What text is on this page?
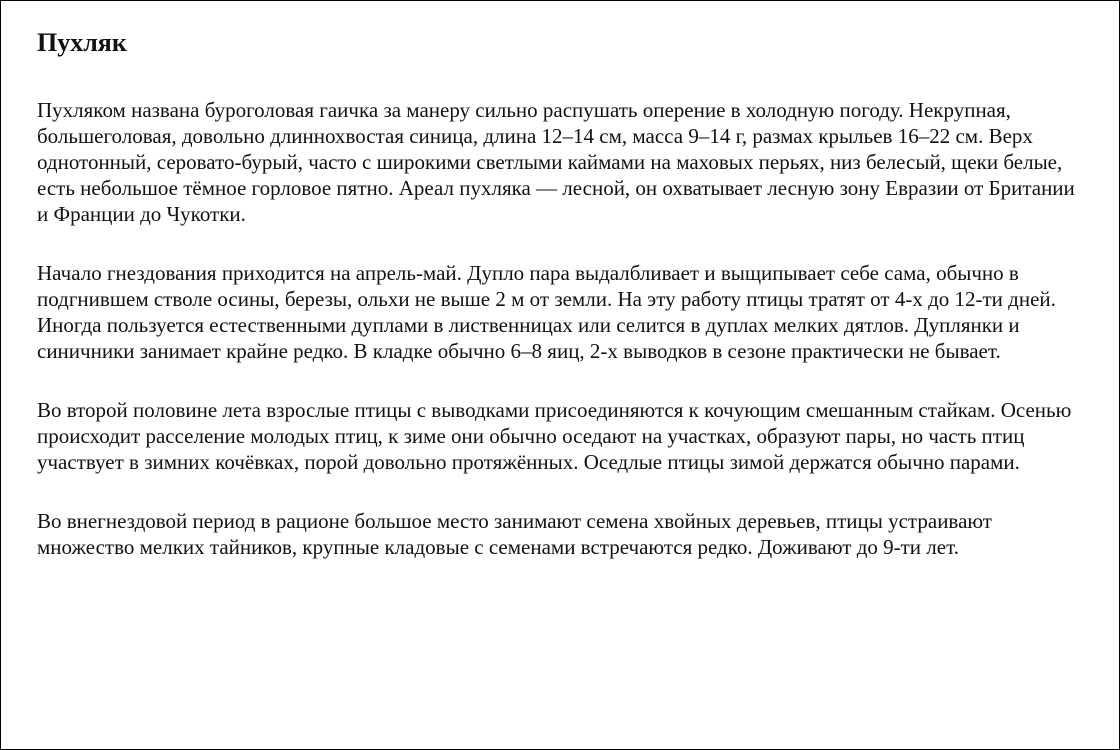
Пухляк

Пухляком названа буроголовая гаичка за манеру сильно распушать оперение в холодную погоду. Некрупная, большеголовая, довольно длиннохвостая синица, длина 12–14 см, масса 9–14 г, размах крыльев 16–22 см. Верх однотонный, серовато-бурый, часто с широкими светлыми каймами на маховых перьях, низ белесый, щеки белые, есть небольшое тёмное горловое пятно. Ареал пухляка — лесной, он охватывает лесную зону Евразии от Британии и Франции до Чукотки.

Начало гнездования приходится на апрель-май. Дупло пара выдалбливает и выщипывает себе сама, обычно в подгнившем стволе осины, березы, ольхи не выше 2 м от земли. На эту работу птицы тратят от 4-х до 12-ти дней. Иногда пользуется естественными дуплами в лиственницах или селится в дуплах мелких дятлов. Дуплянки и синичники занимает крайне редко. В кладке обычно 6–8 яиц, 2-х выводков в сезоне практически не бывает.

Во второй половине лета взрослые птицы с выводками присоединяются к кочующим смешанным стайкам. Осенью происходит расселение молодых птиц, к зиме они обычно оседают на участках, образуют пары, но часть птиц участвует в зимних кочёвках, порой довольно протяжённых. Оседлые птицы зимой держатся обычно парами.

Во внегнездовой период в рационе большое место занимают семена хвойных деревьев, птицы устраивают множество мелких тайников, крупные кладовые с семенами встречаются редко. Доживают до 9-ти лет.
